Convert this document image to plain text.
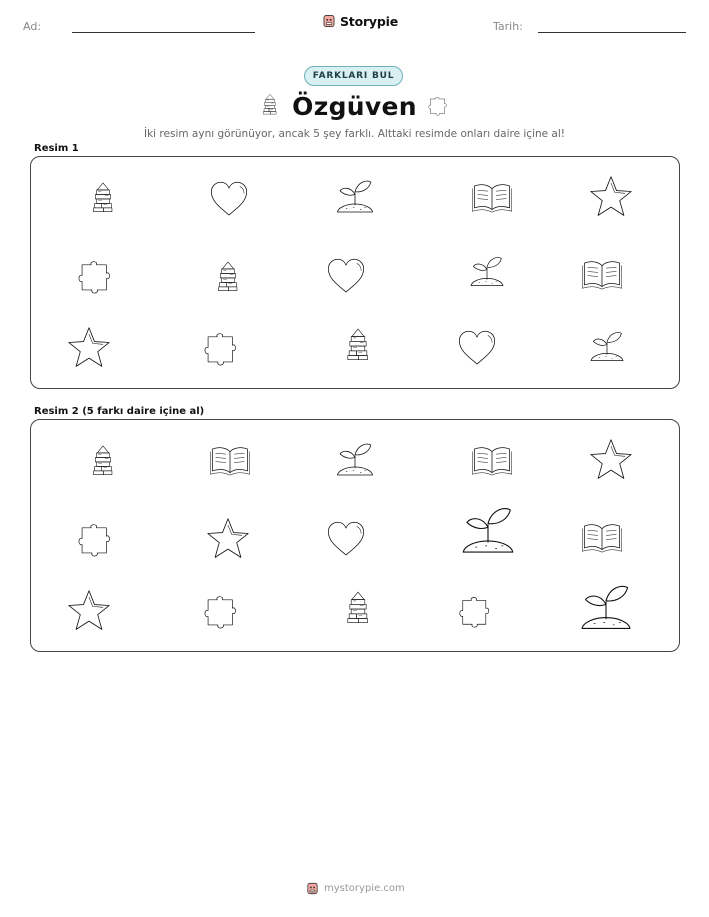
Ad:	Storypie	Tarih:
FARKLARI BUL
Özgüven
İki resim aynı görünüyor, ancak 5 şey farklı. Alttaki resimde onları daire içine al!
Resim 1
Resim 2 (5 farkı daire içine al)
mystorypie.com
